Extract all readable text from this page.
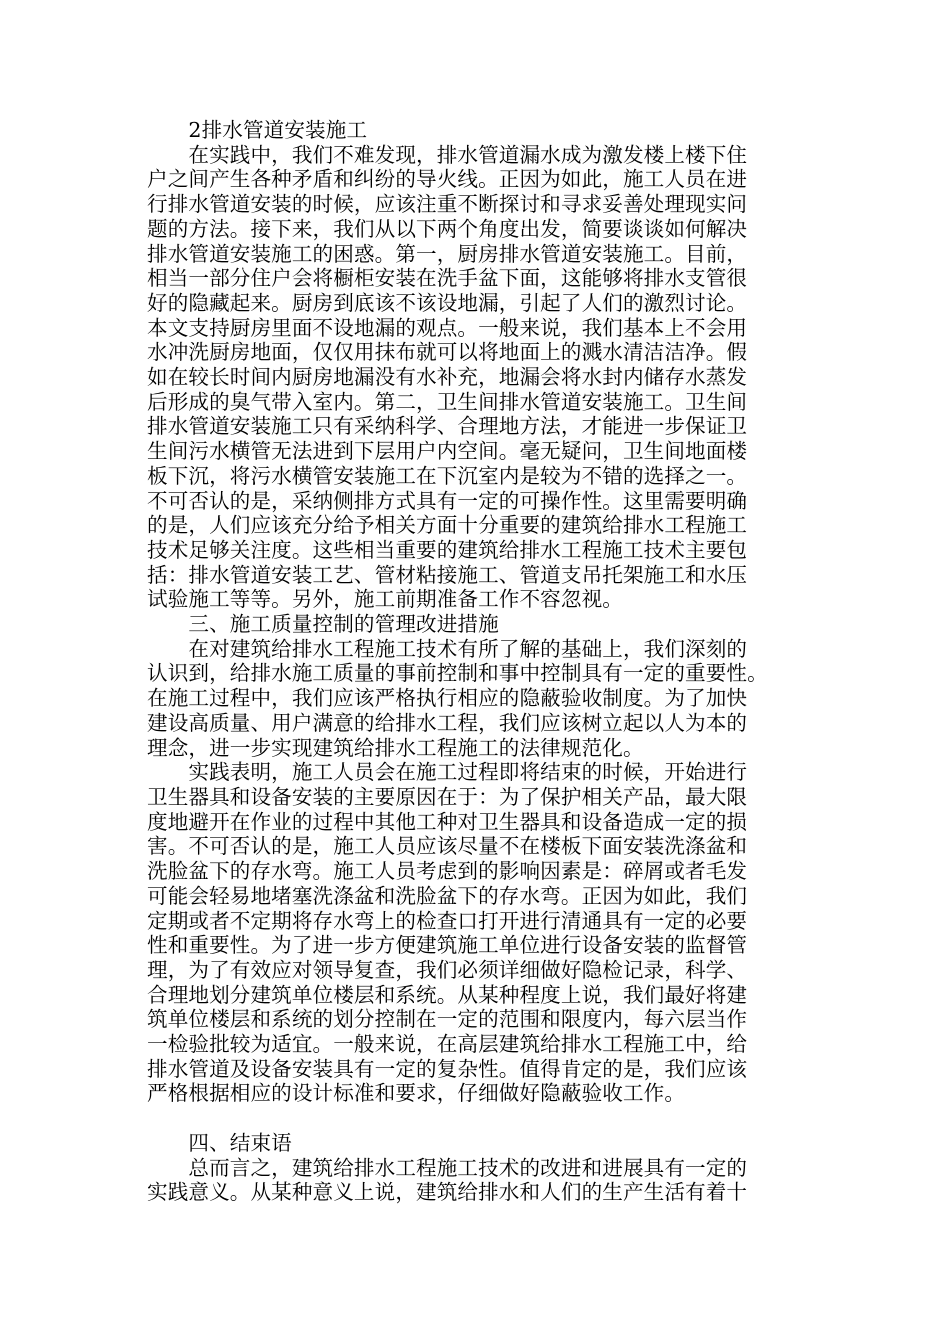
　　2排水管道安装施工

　　在实践中，我们不难发现，排水管道漏水成为激发楼上楼下住

户之间产生各种矛盾和纠纷的导火线。正因为如此，施工人员在进

行排水管道安装的时候，应该注重不断探讨和寻求妥善处理现实问

题的方法。接下来，我们从以下两个角度出发，简要谈谈如何解决

排水管道安装施工的困惑。第一，厨房排水管道安装施工。目前，

相当一部分住户会将橱柜安装在洗手盆下面，这能够将排水支管很

好的隐藏起来。厨房到底该不该设地漏，引起了人们的激烈讨论。

本文支持厨房里面不设地漏的观点。一般来说，我们基本上不会用

水冲洗厨房地面，仅仅用抹布就可以将地面上的溅水清洁洁净。假

如在较长时间内厨房地漏没有水补充，地漏会将水封内储存水蒸发

后形成的臭气带入室内。第二，卫生间排水管道安装施工。卫生间

排水管道安装施工只有采纳科学、合理地方法，才能进一步保证卫

生间污水横管无法进到下层用户内空间。毫无疑问，卫生间地面楼

板下沉，将污水横管安装施工在下沉室内是较为不错的选择之一。

不可否认的是，采纳侧排方式具有一定的可操作性。这里需要明确

的是，人们应该充分给予相关方面十分重要的建筑给排水工程施工

技术足够关注度。这些相当重要的建筑给排水工程施工技术主要包

括：排水管道安装工艺、管材粘接施工、管道支吊托架施工和水压

试验施工等等。另外，施工前期准备工作不容忽视。

　　三、施工质量控制的管理改进措施

　　在对建筑给排水工程施工技术有所了解的基础上，我们深刻的

认识到，给排水施工质量的事前控制和事中控制具有一定的重要性。

在施工过程中，我们应该严格执行相应的隐蔽验收制度。为了加快

建设高质量、用户满意的给排水工程，我们应该树立起以人为本的

理念，进一步实现建筑给排水工程施工的法律规范化。

　　实践表明，施工人员会在施工过程即将结束的时候，开始进行

卫生器具和设备安装的主要原因在于：为了保护相关产品，最大限

度地避开在作业的过程中其他工种对卫生器具和设备造成一定的损

害。不可否认的是，施工人员应该尽量不在楼板下面安装洗涤盆和

洗脸盆下的存水弯。施工人员考虑到的影响因素是：碎屑或者毛发

可能会轻易地堵塞洗涤盆和洗脸盆下的存水弯。正因为如此，我们

定期或者不定期将存水弯上的检查口打开进行清通具有一定的必要

性和重要性。为了进一步方便建筑施工单位进行设备安装的监督管

理，为了有效应对领导复查，我们必须详细做好隐检记录，科学、

合理地划分建筑单位楼层和系统。从某种程度上说，我们最好将建

筑单位楼层和系统的划分控制在一定的范围和限度内，每六层当作

一检验批较为适宜。一般来说，在高层建筑给排水工程施工中，给

排水管道及设备安装具有一定的复杂性。值得肯定的是，我们应该

严格根据相应的设计标准和要求，仔细做好隐蔽验收工作。

　　四、结束语

　　总而言之，建筑给排水工程施工技术的改进和进展具有一定的

实践意义。从某种意义上说，建筑给排水和人们的生产生活有着十
